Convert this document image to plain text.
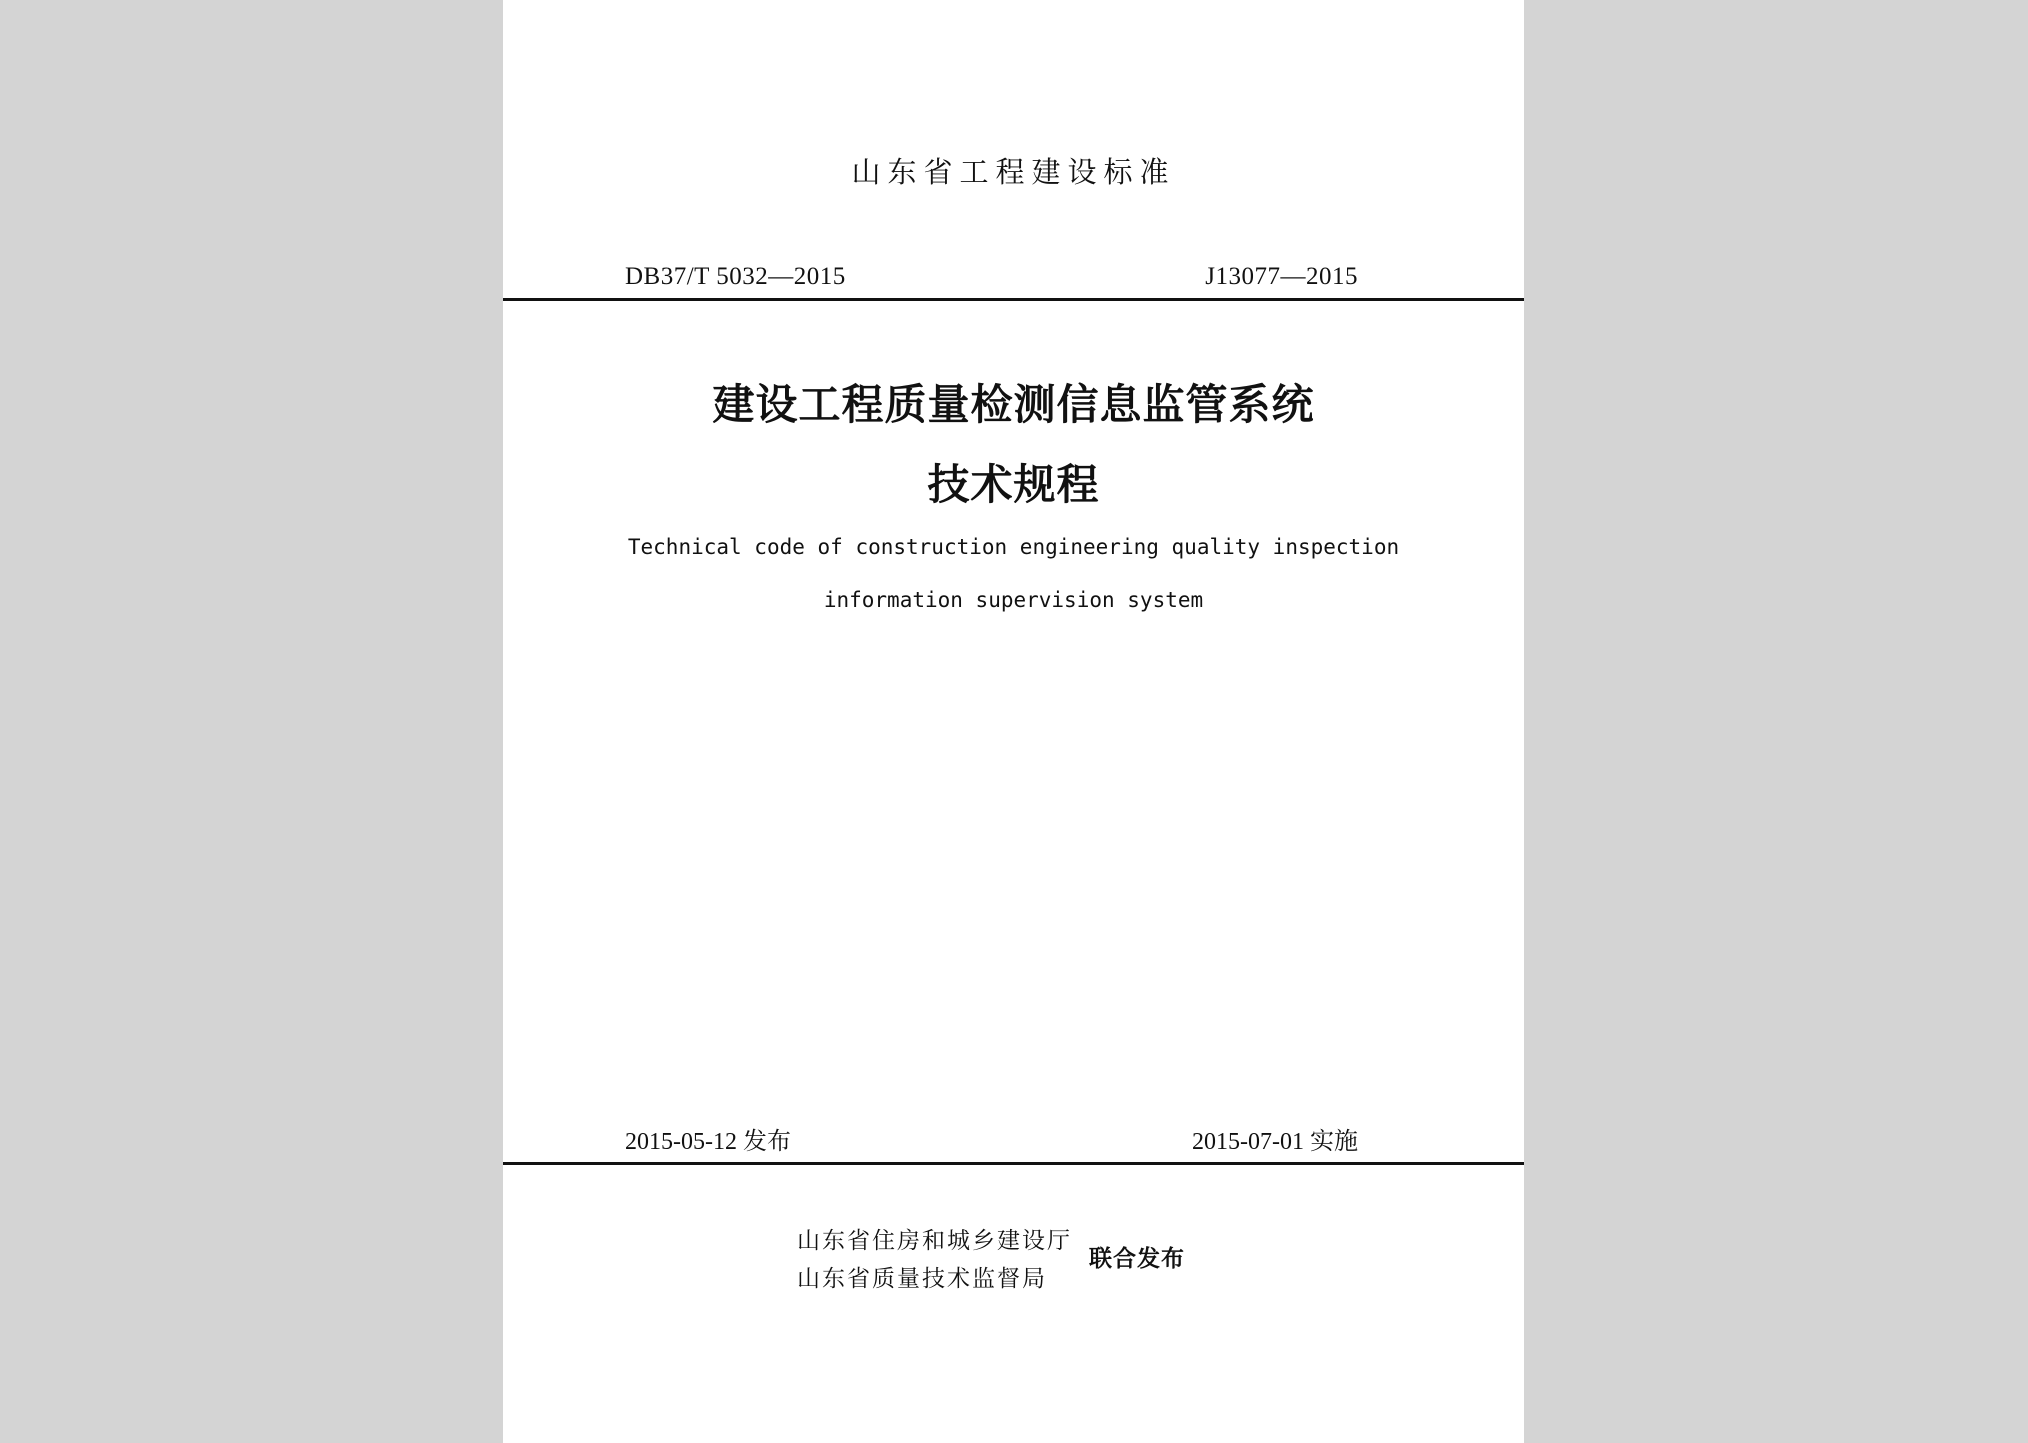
山东省工程建设标准
DB37/T 5032—2015	J13077—2015
建设工程质量检测信息监管系统
技术规程
Technical code of construction engineering quality inspection
information supervision system
2015-05-12 发布	2015-07-01 实施
山东省住房和城乡建设厅
山东省质量技术监督局
联合发布
